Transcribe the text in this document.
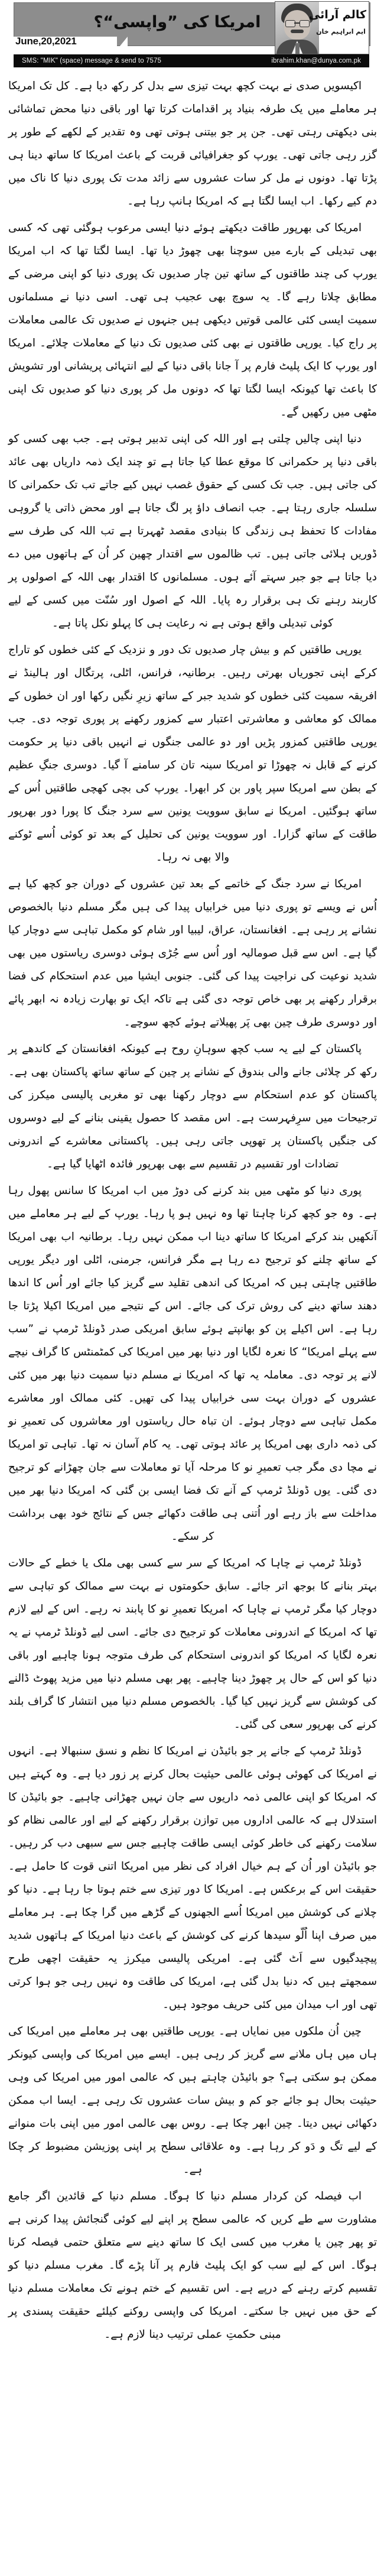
امریکا کی ”واپسی“؟
June,20,2021
کالم آرائی
ایم ابراہیم خان
SMS: "MIK" (space) message & send to 7575	ibrahim.khan@dunya.com.pk

اکیسویں صدی نے بہت کچھ بہت تیزی سے بدل کر رکھ دیا ہے۔ کل تک امریکا ہر معاملے میں یک طرفہ بنیاد پر اقدامات کرتا تھا اور باقی دنیا محض تماشائی بنی دیکھتی رہتی تھی۔ جن پر جو بیتنی ہوتی تھی وہ تقدیر کے لکھے کے طور پر گزر رہی جاتی تھی۔ یورپ کو جغرافیائی قربت کے باعث امریکا کا ساتھ دینا ہی پڑتا تھا۔ دونوں نے مل کر سات عشروں سے زائد مدت تک پوری دنیا کا ناک میں دم کیے رکھا۔ اب ایسا لگتا ہے کہ امریکا ہانپ رہا ہے۔

امریکا کی بھرپور طاقت دیکھتے ہوئے دنیا ایسی مرعوب ہوگئی تھی کہ کسی بھی تبدیلی کے بارے میں سوچنا بھی چھوڑ دیا تھا۔ ایسا لگتا تھا کہ اب امریکا یورپ کی چند طاقتوں کے ساتھ تین چار صدیوں تک پوری دنیا کو اپنی مرضی کے مطابق چلاتا رہے گا۔ یہ سوچ بھی عجیب ہی تھی۔ اسی دنیا نے مسلمانوں سمیت ایسی کئی عالمی قوتیں دیکھی ہیں جنہوں نے صدیوں تک عالمی معاملات پر راج کیا۔ یورپی طاقتوں نے بھی کئی صدیوں تک دنیا کے معاملات چلائے۔ امریکا اور یورپ کا ایک پلیٹ فارم پر آ جانا باقی دنیا کے لیے انتہائی پریشانی اور تشویش کا باعث تھا کیونکہ ایسا لگتا تھا کہ دونوں مل کر پوری دنیا کو صدیوں تک اپنی مٹھی میں رکھیں گے۔

دنیا اپنی چالیں چلتی ہے اور اللہ کی اپنی تدبیر ہوتی ہے۔ جب بھی کسی کو باقی دنیا پر حکمرانی کا موقع عطا کیا جاتا ہے تو چند ایک ذمہ داریاں بھی عائد کی جاتی ہیں۔ جب تک کسی کے حقوق غصب نہیں کیے جاتے تب تک حکمرانی کا سلسلہ جاری رہتا ہے۔ جب انصاف داؤ پر لگ جاتا ہے اور محض ذاتی یا گروہی مفادات کا تحفظ ہی زندگی کا بنیادی مقصد ٹھہرتا ہے تب اللہ کی طرف سے ڈوریں ہلائی جاتی ہیں۔ تب ظالموں سے اقتدار چھین کر اُن کے ہاتھوں میں دے دیا جاتا ہے جو جبر سہتے آئے ہوں۔ مسلمانوں کا اقتدار بھی اللہ کے اصولوں پر کاربند رہنے تک ہی برقرار رہ پایا۔ اللہ کے اصول اور سُنّت میں کسی کے لیے کوئی تبدیلی واقع ہوتی ہے نہ رعایت ہی کا پہلو نکل پاتا ہے۔

یورپی طاقتیں کم و بیش چار صدیوں تک دور و نزدیک کے کئی خطوں کو تاراج کرکے اپنی تجوریاں بھرتی رہیں۔ برطانیہ، فرانس، اٹلی، پرتگال اور ہالینڈ نے افریقہ سمیت کئی خطوں کو شدید جبر کے ساتھ زیرِ نگیں رکھا اور ان خطوں کے ممالک کو معاشی و معاشرتی اعتبار سے کمزور رکھنے پر پوری توجہ دی۔ جب یورپی طاقتیں کمزور پڑیں اور دو عالمی جنگوں نے انہیں باقی دنیا پر حکومت کرنے کے قابل نہ چھوڑا تو امریکا سینہ تان کر سامنے آ گیا۔ دوسری جنگِ عظیم کے بطن سے امریکا سپر پاور بن کر ابھرا۔ یورپ کی بچی کھچی طاقتیں اُس کے ساتھ ہوگئیں۔ امریکا نے سابق سوویت یونین سے سرد جنگ کا پورا دور بھرپور طاقت کے ساتھ گزارا۔ اور سوویت یونین کی تحلیل کے بعد تو کوئی اُسے ٹوکنے والا بھی نہ رہا۔

امریکا نے سرد جنگ کے خاتمے کے بعد تین عشروں کے دوران جو کچھ کیا ہے اُس نے ویسے تو پوری دنیا میں خرابیاں پیدا کی ہیں مگر مسلم دنیا بالخصوص نشانے پر رہی ہے۔ افغانستان، عراق، لیبیا اور شام کو مکمل تباہی سے دوچار کیا گیا ہے۔ اس سے قبل صومالیہ اور اُس سے جُڑی ہوئی دوسری ریاستوں میں بھی شدید نوعیت کی نراجیت پیدا کی گئی۔ جنوبی ایشیا میں عدم استحکام کی فضا برقرار رکھنے پر بھی خاص توجہ دی گئی ہے تاکہ ایک تو بھارت زیادہ نہ ابھر پائے اور دوسری طرف چین بھی پَر پھیلاتے ہوئے کچھ سوچے۔

پاکستان کے لیے یہ سب کچھ سوہانِ روح ہے کیونکہ افغانستان کے کاندھے پر رکھ کر چلائی جانے والی بندوق کے نشانے پر چین کے ساتھ ساتھ پاکستان بھی ہے۔ پاکستان کو عدم استحکام سے دوچار رکھنا بھی تو مغربی پالیسی میکرز کی ترجیحات میں سرِفہرست ہے۔ اس مقصد کا حصول یقینی بنانے کے لیے دوسروں کی جنگیں پاکستان پر تھوپی جاتی رہی ہیں۔ پاکستانی معاشرے کے اندرونی تضادات اور تقسیم در تقسیم سے بھی بھرپور فائدہ اٹھایا گیا ہے۔

پوری دنیا کو مٹھی میں بند کرنے کی دوڑ میں اب امریکا کا سانس پھول رہا ہے۔ وہ جو کچھ کرنا چاہتا تھا وہ نہیں ہو پا رہا۔ یورپ کے لیے ہر معاملے میں آنکھیں بند کرکے امریکا کا ساتھ دینا اب ممکن نہیں رہا۔ برطانیہ اب بھی امریکا کے ساتھ چلنے کو ترجیح دے رہا ہے مگر فرانس، جرمنی، اٹلی اور دیگر یورپی طاقتیں چاہتی ہیں کہ امریکا کی اندھی تقلید سے گریز کیا جائے اور اُس کا اندھا دھند ساتھ دینے کی روش ترک کی جائے۔ اس کے نتیجے میں امریکا اکیلا پڑتا جا رہا ہے۔ اس اکیلے پن کو بھانپتے ہوئے سابق امریکی صدر ڈونلڈ ٹرمپ نے ”سب سے پہلے امریکا“ کا نعرہ لگایا اور دنیا بھر میں امریکا کی کمٹمنٹس کا گراف نیچے لانے پر توجہ دی۔ معاملہ یہ تھا کہ امریکا نے مسلم دنیا سمیت دنیا بھر میں کئی عشروں کے دوران بہت سی خرابیاں پیدا کی تھیں۔ کئی ممالک اور معاشرے مکمل تباہی سے دوچار ہوئے۔ ان تباہ حال ریاستوں اور معاشروں کی تعمیرِ نو کی ذمہ داری بھی امریکا پر عائد ہوتی تھی۔ یہ کام آسان نہ تھا۔ تباہی تو امریکا نے مچا دی مگر جب تعمیرِ نو کا مرحلہ آیا تو معاملات سے جان چھڑانے کو ترجیح دی گئی۔ یوں ڈونلڈ ٹرمپ کے آنے تک فضا ایسی بن گئی کہ امریکا دنیا بھر میں مداخلت سے باز رہے اور اُتنی ہی طاقت دکھائے جس کے نتائج خود بھی برداشت کر سکے۔

ڈونلڈ ٹرمپ نے چاہا کہ امریکا کے سر سے کسی بھی ملک یا خطے کے حالات بہتر بنانے کا بوجھ اتر جائے۔ سابق حکومتوں نے بہت سے ممالک کو تباہی سے دوچار کیا مگر ٹرمپ نے چاہا کہ امریکا تعمیرِ نو کا پابند نہ رہے۔ اس کے لیے لازم تھا کہ امریکا کے اندرونی معاملات کو ترجیح دی جائے۔ اسی لیے ڈونلڈ ٹرمپ نے یہ نعرہ لگایا کہ امریکا کو اندرونی استحکام کی طرف متوجہ ہونا چاہیے اور باقی دنیا کو اس کے حال پر چھوڑ دینا چاہیے۔ پھر بھی مسلم دنیا میں مزید پھوٹ ڈالنے کی کوشش سے گریز نہیں کیا گیا۔ بالخصوص مسلم دنیا میں انتشار کا گراف بلند کرنے کی بھرپور سعی کی گئی۔

ڈونلڈ ٹرمپ کے جانے پر جو بائیڈن نے امریکا کا نظم و نسق سنبھالا ہے۔ انہوں نے امریکا کی کھوئی ہوئی عالمی حیثیت بحال کرنے پر زور دیا ہے۔ وہ کہتے ہیں کہ امریکا کو اپنی عالمی ذمہ داریوں سے جان نہیں چھڑانی چاہیے۔ جو بائیڈن کا استدلال ہے کہ عالمی اداروں میں توازن برقرار رکھنے کے لیے اور عالمی نظام کو سلامت رکھنے کی خاطر کوئی ایسی طاقت چاہیے جس سے سبھی دب کر رہیں۔ جو بائیڈن اور اُن کے ہم خیال افراد کی نظر میں امریکا اتنی قوت کا حامل ہے۔ حقیقت اس کے برعکس ہے۔ امریکا کا دور تیزی سے ختم ہوتا جا رہا ہے۔ دنیا کو چلانے کی کوشش میں امریکا اُسے الجھنوں کے گڑھے میں گرا چکا ہے۔ ہر معاملے میں صرف اپنا اُلّو سیدھا کرنے کی کوشش کے باعث دنیا امریکا کے ہاتھوں شدید پیچیدگیوں سے اَٹ گئی ہے۔ امریکی پالیسی میکرز یہ حقیقت اچھی طرح سمجھتے ہیں کہ دنیا بدل گئی ہے، امریکا کی طاقت وہ نہیں رہی جو ہوا کرتی تھی اور اب میدان میں کئی حریف موجود ہیں۔

چین اُن ملکوں میں نمایاں ہے۔ یورپی طاقتیں بھی ہر معاملے میں امریکا کی ہاں میں ہاں ملانے سے گریز کر رہی ہیں۔ ایسے میں امریکا کی واپسی کیونکر ممکن ہو سکتی ہے؟ جو بائیڈن چاہتے ہیں کہ عالمی امور میں امریکا کی وہی حیثیت بحال ہو جائے جو کم و بیش سات عشروں تک رہی ہے۔ ایسا اب ممکن دکھائی نہیں دیتا۔ چین ابھر چکا ہے۔ روس بھی عالمی امور میں اپنی بات منوانے کے لیے تگ و دَو کر رہا ہے۔ وہ علاقائی سطح پر اپنی پوزیشن مضبوط کر چکا ہے۔

اب فیصلہ کن کردار مسلم دنیا کا ہوگا۔ مسلم دنیا کے قائدین اگر جامع مشاورت سے طے کریں کہ عالمی سطح پر اپنے لیے کوئی گنجائش پیدا کرنی ہے تو پھر چین یا مغرب میں کسی ایک کا ساتھ دینے سے متعلق حتمی فیصلہ کرنا ہوگا۔ اس کے لیے سب کو ایک پلیٹ فارم پر آنا پڑے گا۔ مغرب مسلم دنیا کو تقسیم کرتے رہنے کے درپے ہے۔ اس تقسیم کے ختم ہونے تک معاملات مسلم دنیا کے حق میں نہیں جا سکتے۔ امریکا کی واپسی روکنے کیلئے حقیقت پسندی پر مبنی حکمتِ عملی ترتیب دینا لازم ہے۔
